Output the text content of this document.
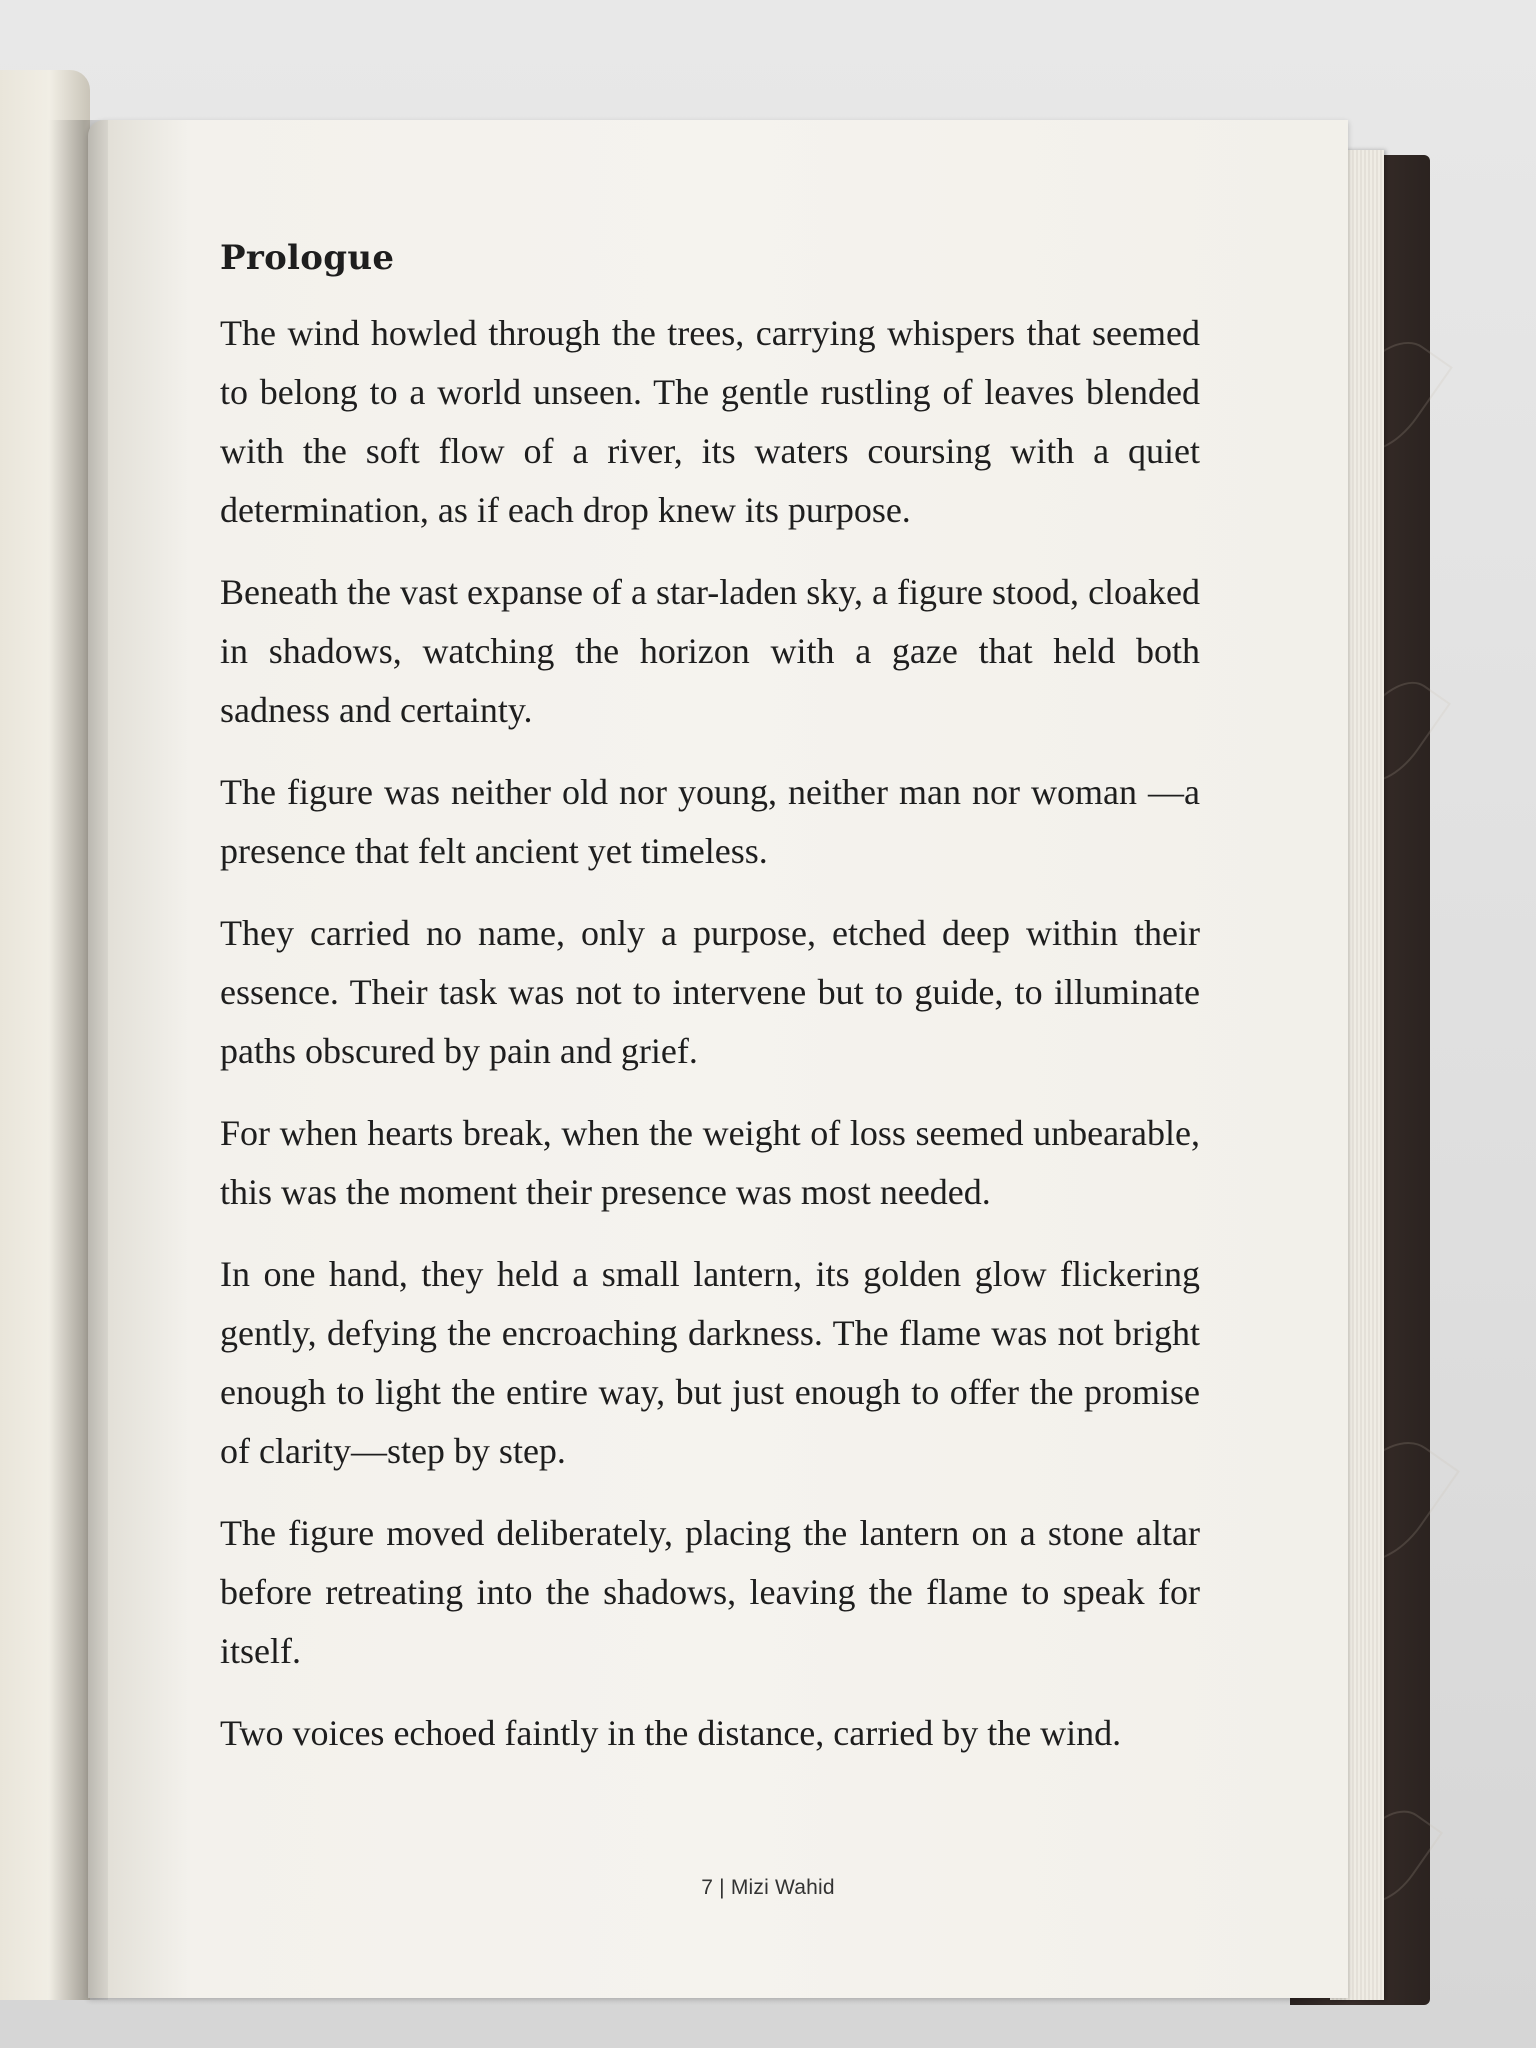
Prologue

The wind howled through the trees, carrying whispers that seemed to belong to a world unseen. The gentle rustling of leaves blended with the soft flow of a river, its waters coursing with a quiet determination, as if each drop knew its purpose.

Beneath the vast expanse of a star-laden sky, a figure stood, cloaked in shadows, watching the horizon with a gaze that held both sadness and certainty.

The figure was neither old nor young, neither man nor woman —a presence that felt ancient yet timeless.

They carried no name, only a purpose, etched deep within their essence. Their task was not to intervene but to guide, to illuminate paths obscured by pain and grief.

For when hearts break, when the weight of loss seemed unbearable, this was the moment their presence was most needed.

In one hand, they held a small lantern, its golden glow flickering gently, defying the encroaching darkness. The flame was not bright enough to light the entire way, but just enough to offer the promise of clarity—step by step.

The figure moved deliberately, placing the lantern on a stone altar before retreating into the shadows, leaving the flame to speak for itself.

Two voices echoed faintly in the distance, carried by the wind.

7 | Mizi Wahid
